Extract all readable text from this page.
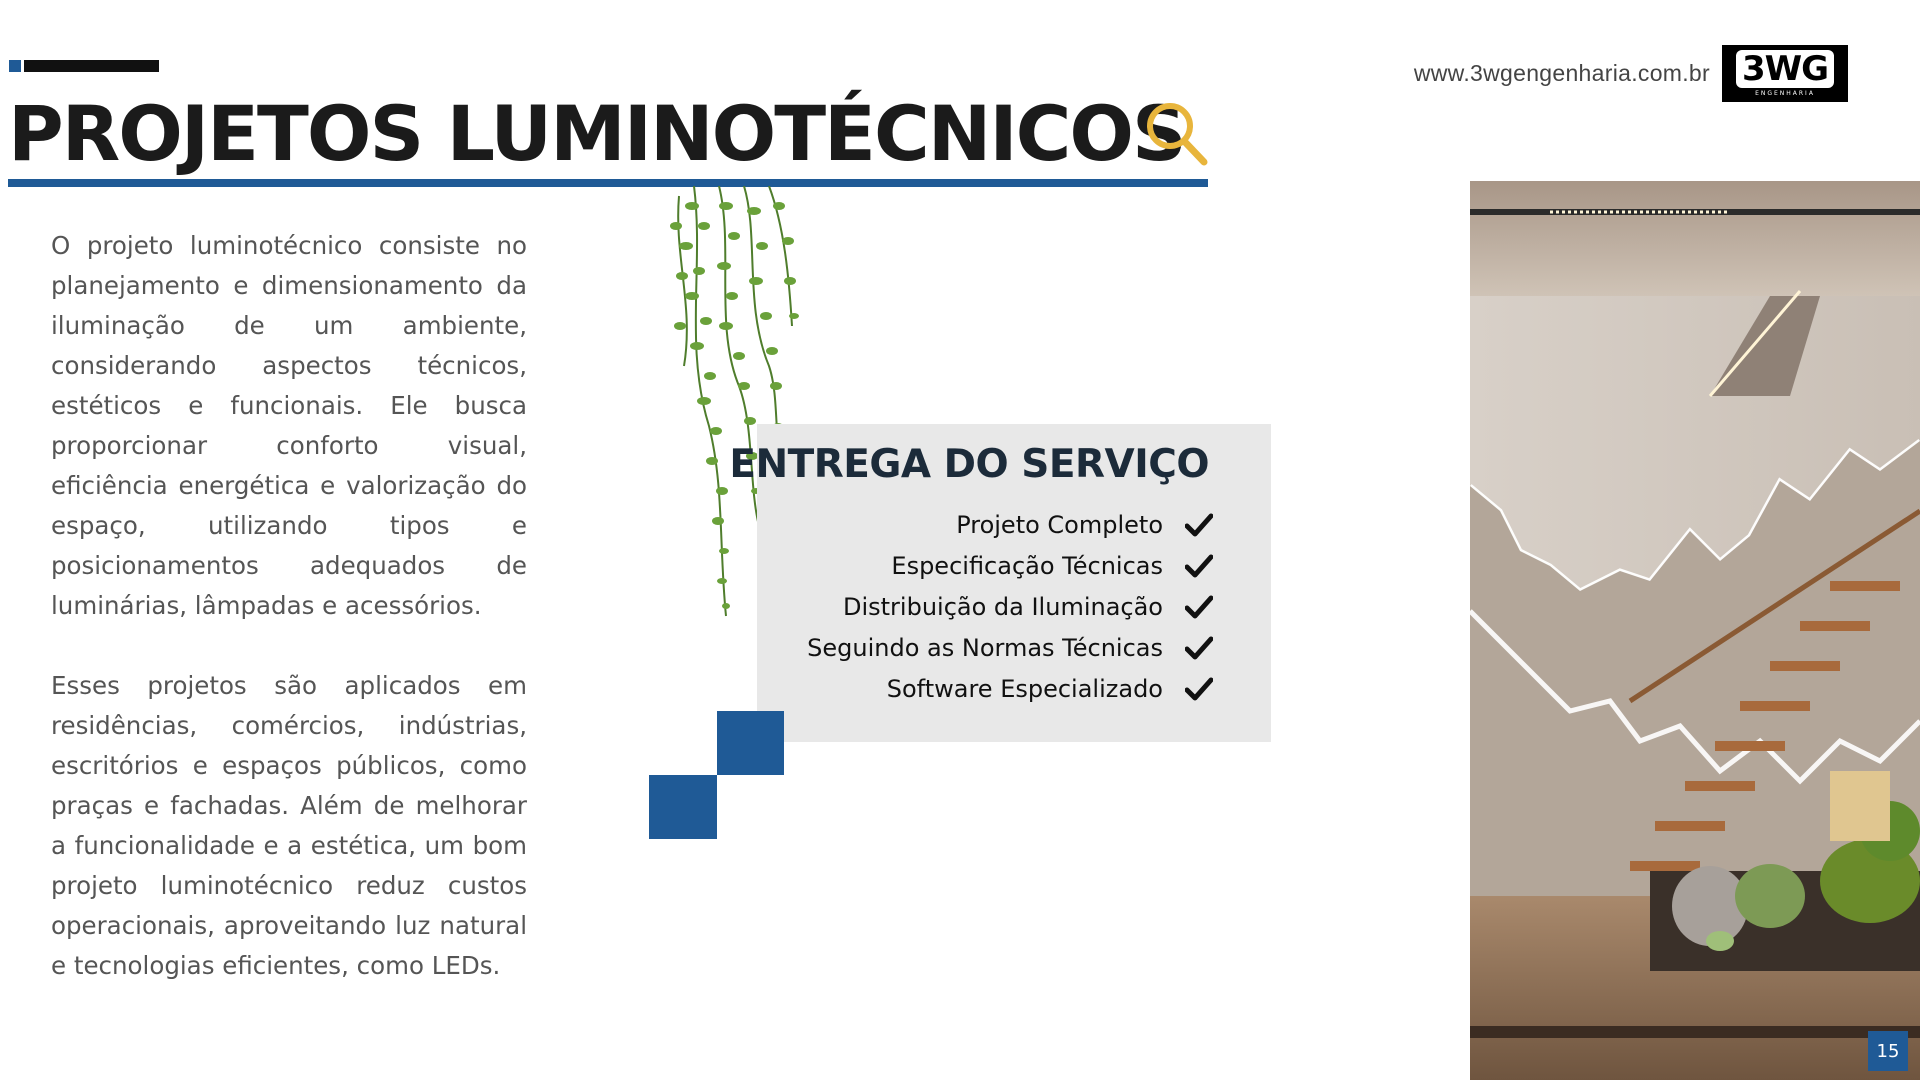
PROJETOS LUMINOTÉCNICOS
www.3wgengenharia.com.br 3WG
ENGENHARIA

O projeto luminotécnico consiste no planejamento e dimensionamento da iluminação de um ambiente, considerando aspectos técnicos, estéticos e funcionais. Ele busca proporcionar conforto visual, eficiência energética e valorização do espaço, utilizando tipos e posicionamentos adequados de luminárias, lâmpadas e acessórios.

Esses projetos são aplicados em residências, comércios, indústrias, escritórios e espaços públicos, como praças e fachadas. Além de melhorar a funcionalidade e a estética, um bom projeto luminotécnico reduz custos operacionais, aproveitando luz natural e tecnologias eficientes, como LEDs.

ENTREGA DO SERVIÇO
Projeto Completo
Especificação Técnicas
Distribuição da Iluminação
Seguindo as Normas Técnicas
Software Especializado
15
